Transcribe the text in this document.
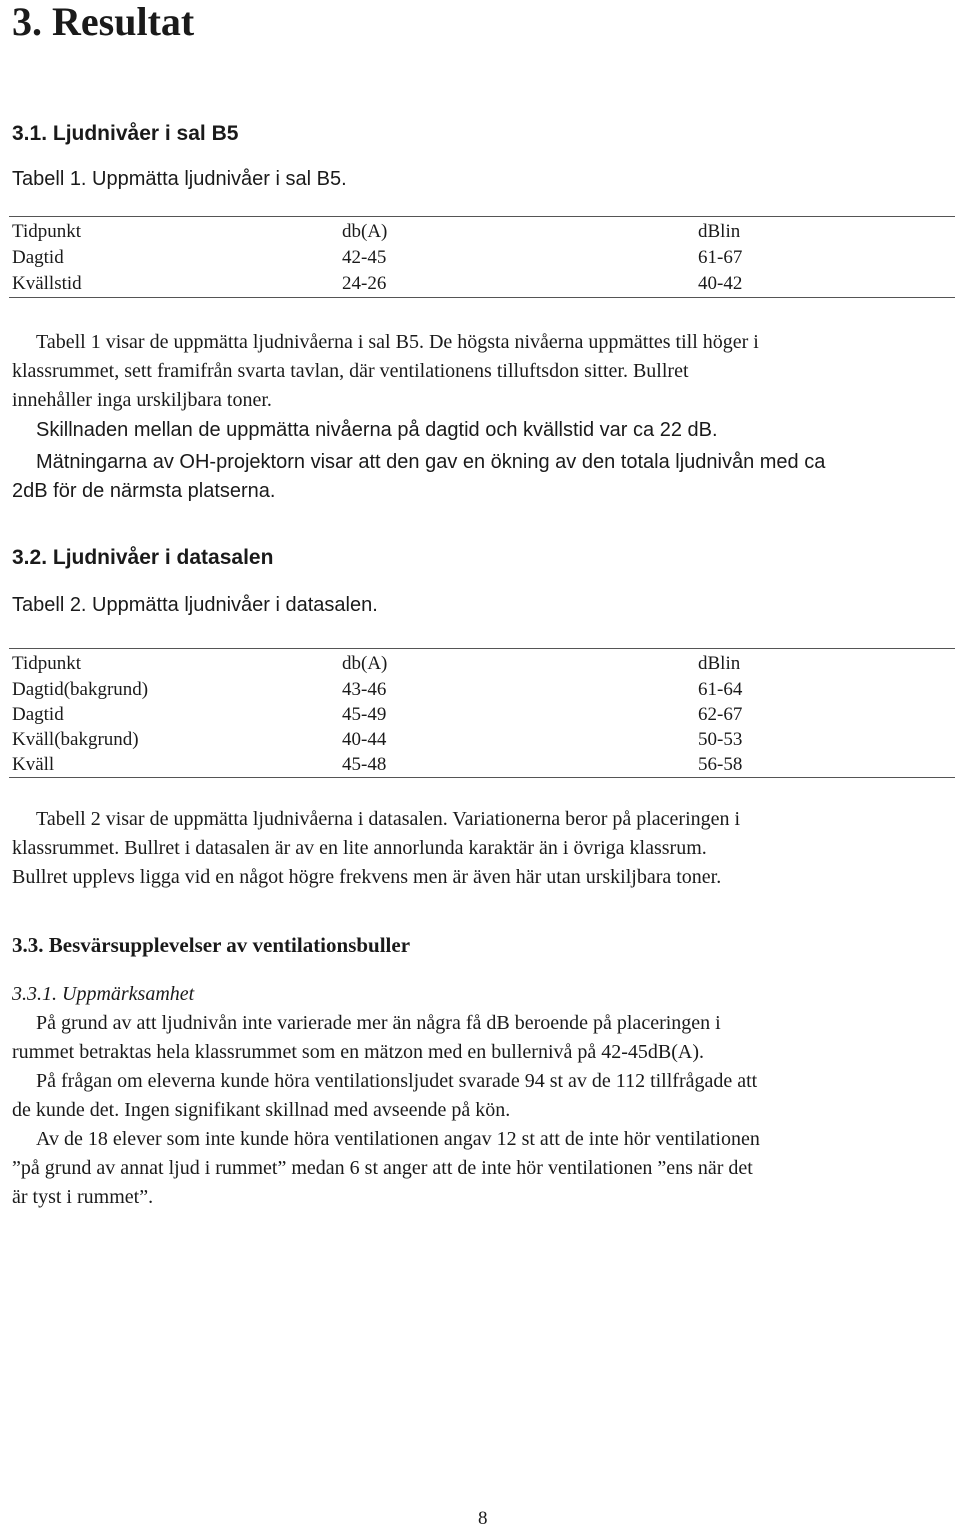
3. Resultat
3.1. Ljudnivåer i sal B5
Tabell 1. Uppmätta ljudnivåer i sal B5.
Tidpunkt	db(A)	dBlin
Dagtid	42-45	61-67
Kvällstid	24-26	40-42
Tabell 1 visar de uppmätta ljudnivåerna i sal B5. De högsta nivåerna uppmättes till höger i
klassrummet, sett framifrån svarta tavlan, där ventilationens tilluftsdon sitter. Bullret
innehåller inga urskiljbara toner.
Skillnaden mellan de uppmätta nivåerna på dagtid och kvällstid var ca 22 dB.
Mätningarna av OH-projektorn visar att den gav en ökning av den totala ljudnivån med ca
2dB för de närmsta platserna.
3.2. Ljudnivåer i datasalen
Tabell 2. Uppmätta ljudnivåer i datasalen.
Tidpunkt	db(A)	dBlin
Dagtid(bakgrund)	43-46	61-64
Dagtid	45-49	62-67
Kväll(bakgrund)	40-44	50-53
Kväll	45-48	56-58
Tabell 2 visar de uppmätta ljudnivåerna i datasalen. Variationerna beror på placeringen i
klassrummet. Bullret i datasalen är av en lite annorlunda karaktär än i övriga klassrum.
Bullret upplevs ligga vid en något högre frekvens men är även här utan urskiljbara toner.
3.3. Besvärsupplevelser av ventilationsbuller
3.3.1. Uppmärksamhet
På grund av att ljudnivån inte varierade mer än några få dB beroende på placeringen i
rummet betraktas hela klassrummet som en mätzon med en bullernivå på 42-45dB(A).
På frågan om eleverna kunde höra ventilationsljudet svarade 94 st av de 112 tillfrågade att
de kunde det. Ingen signifikant skillnad med avseende på kön.
Av de 18 elever som inte kunde höra ventilationen angav 12 st att de inte hör ventilationen
”på grund av annat ljud i rummet” medan 6 st anger att de inte hör ventilationen ”ens när det
är tyst i rummet”.
8
